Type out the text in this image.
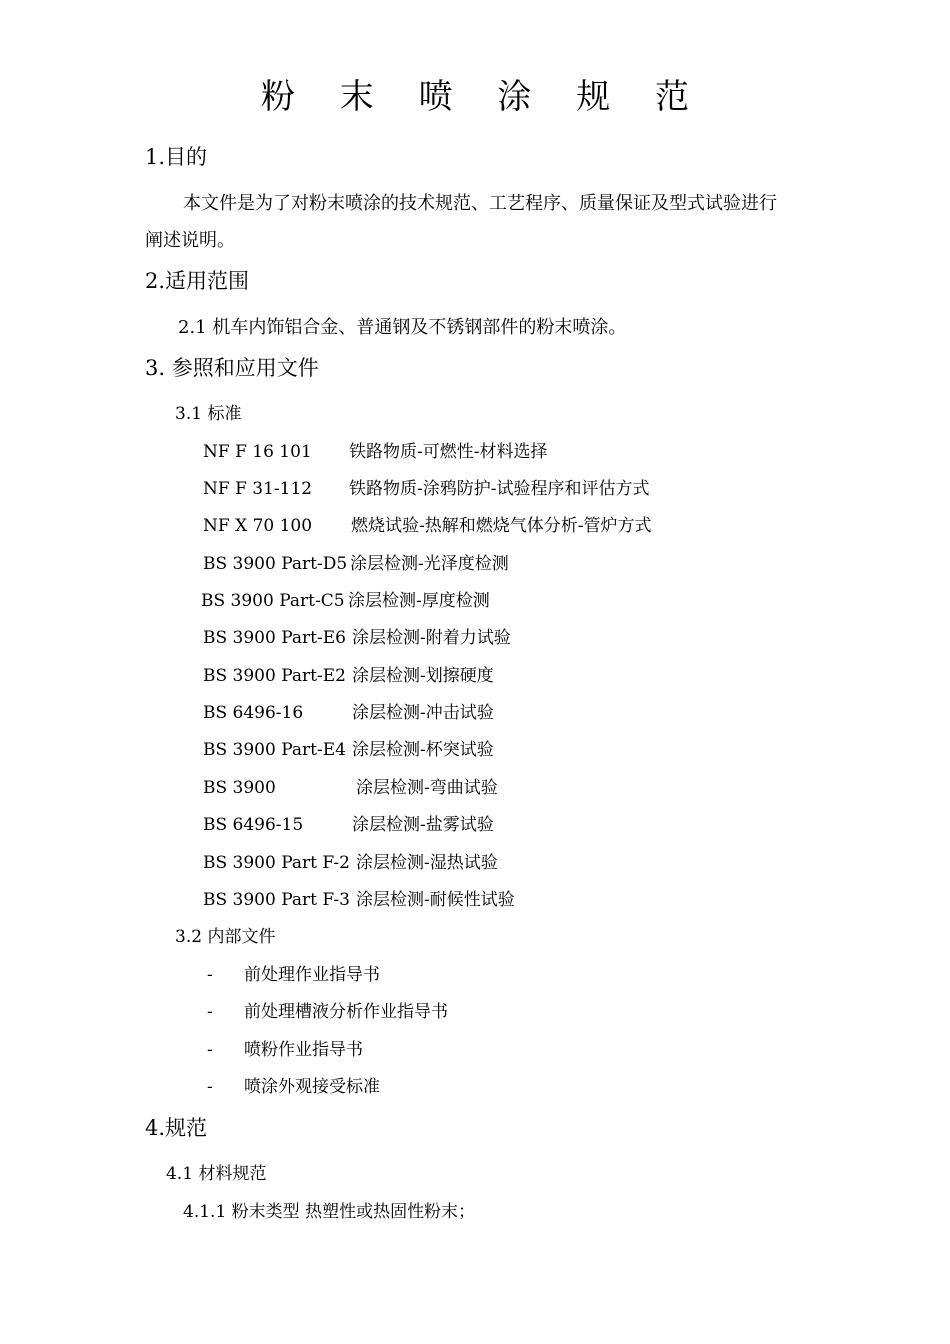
粉 末 喷 涂 规 范
1.目的
本文件是为了对粉末喷涂的技术规范、工艺程序、质量保证及型式试验进行
阐述说明。
2.适用范围
2.1 机车内饰铝合金、普通钢及不锈钢部件的粉末喷涂。
3. 参照和应用文件
3.1 标准
NF F 16 101 铁路物质-可燃性-材料选择
NF F 31-112 铁路物质-涂鸦防护-试验程序和评估方式
NF X 70 100 燃烧试验-热解和燃烧气体分析-管炉方式
BS 3900 Part-D5 涂层检测-光泽度检测
BS 3900 Part-C5 涂层检测-厚度检测
BS 3900 Part-E6 涂层检测-附着力试验
BS 3900 Part-E2 涂层检测-划擦硬度
BS 6496-16	涂层检测-冲击试验
BS 3900 Part-E4 涂层检测-杯突试验
BS 3900	涂层检测-弯曲试验
BS 6496-15	涂层检测-盐雾试验
BS 3900 Part F-2 涂层检测-湿热试验
BS 3900 Part F-3 涂层检测-耐候性试验
3.2 内部文件
- 前处理作业指导书
- 前处理槽液分析作业指导书
- 喷粉作业指导书
- 喷涂外观接受标准
4.规范
4.1 材料规范
4.1.1 粉末类型 热塑性或热固性粉末；
